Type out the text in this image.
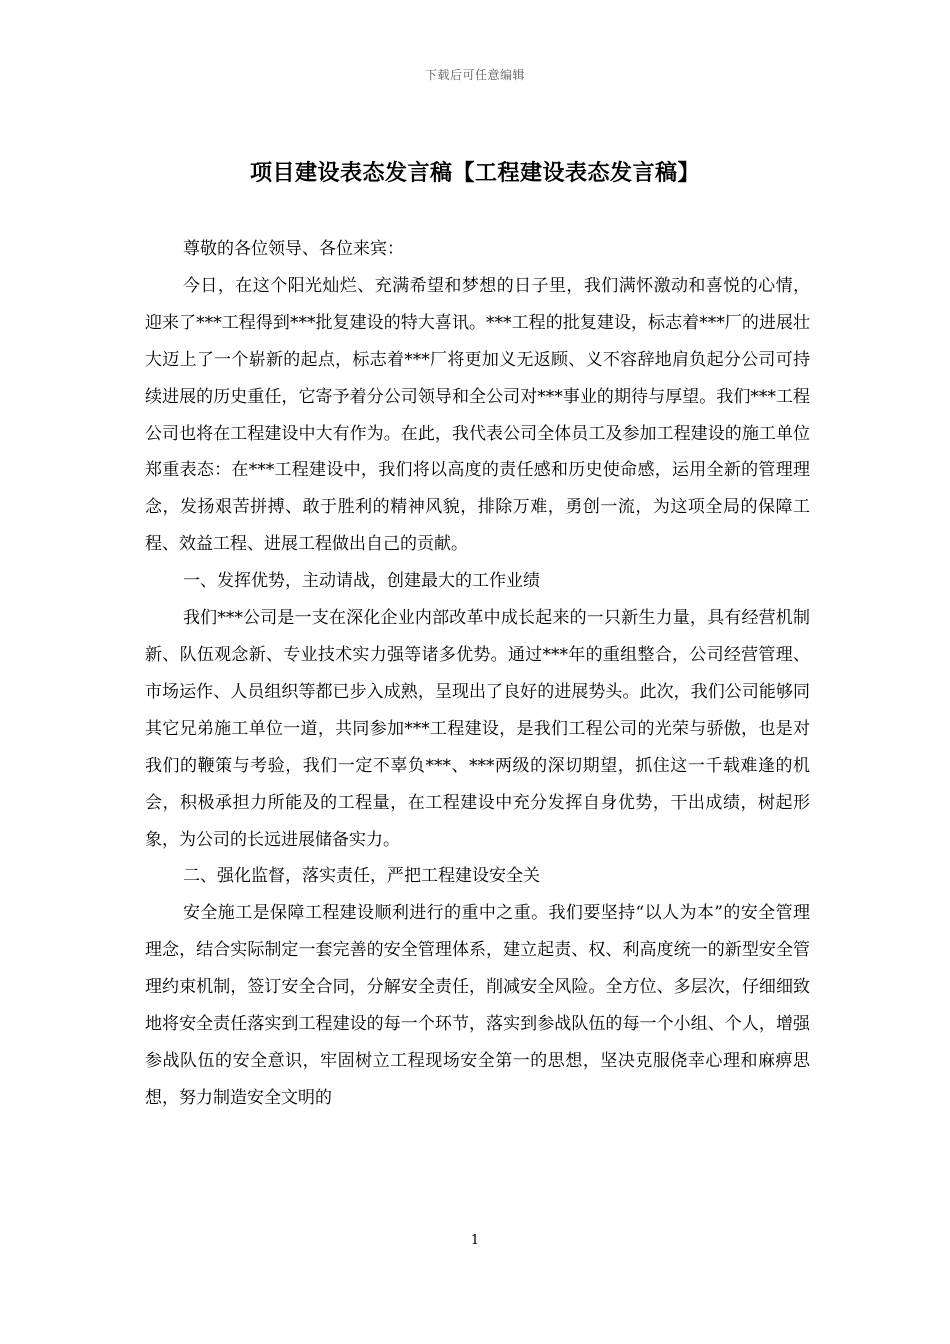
下载后可任意编辑
项目建设表态发言稿【工程建设表态发言稿】

尊敬的各位领导、各位来宾：

今日，在这个阳光灿烂、充满希望和梦想的日子里，我们满怀激动和喜悦的心情，迎来了***工程得到***批复建设的特大喜讯。***工程的批复建设，标志着***厂的进展壮大迈上了一个崭新的起点，标志着***厂将更加义无返顾、义不容辞地肩负起分公司可持续进展的历史重任，它寄予着分公司领导和全公司对***事业的期待与厚望。我们***工程公司也将在工程建设中大有作为。在此，我代表公司全体员工及参加工程建设的施工单位郑重表态：在***工程建设中，我们将以高度的责任感和历史使命感，运用全新的管理理念，发扬艰苦拼搏、敢于胜利的精神风貌，排除万难，勇创一流，为这项全局的保障工程、效益工程、进展工程做出自己的贡献。

一、发挥优势，主动请战，创建最大的工作业绩

我们***公司是一支在深化企业内部改革中成长起来的一只新生力量，具有经营机制新、队伍观念新、专业技术实力强等诸多优势。通过***年的重组整合，公司经营管理、市场运作、人员组织等都已步入成熟，呈现出了良好的进展势头。此次，我们公司能够同其它兄弟施工单位一道，共同参加***工程建设，是我们工程公司的光荣与骄傲，也是对我们的鞭策与考验，我们一定不辜负***、***两级的深切期望，抓住这一千载难逢的机会，积极承担力所能及的工程量，在工程建设中充分发挥自身优势，干出成绩，树起形象，为公司的长远进展储备实力。

二、强化监督，落实责任，严把工程建设安全关

安全施工是保障工程建设顺利进行的重中之重。我们要坚持“以人为本”的安全管理理念，结合实际制定一套完善的安全管理体系，建立起责、权、利高度统一的新型安全管理约束机制，签订安全合同，分解安全责任，削减安全风险。全方位、多层次，仔细细致地将安全责任落实到工程建设的每一个环节，落实到参战队伍的每一个小组、个人，增强参战队伍的安全意识，牢固树立工程现场安全第一的思想，坚决克服侥幸心理和麻痹思想，努力制造安全文明的

1
